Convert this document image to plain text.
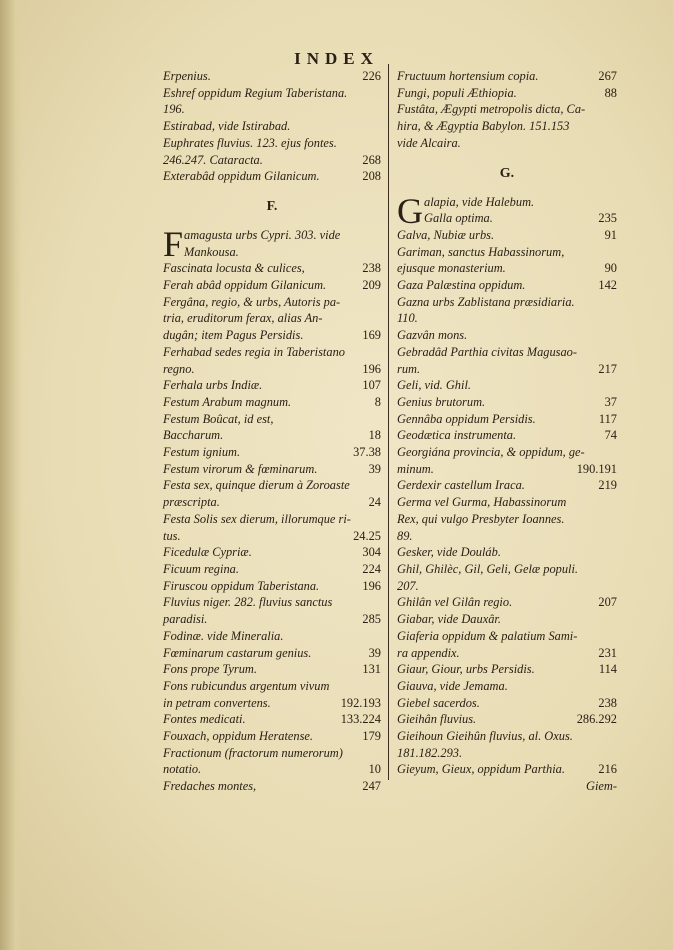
INDEX
Erpenius.	226
Eshref oppidum Regium Taberistana.
196.
Estirabad, vide Istirabad.
Euphrates fluvius. 123. ejus fontes.
246.247. Cataracta.	268
Exterabâd oppidum Gilanicum.	208
F.
Famagusta urbs Cypri. 303. vide
Mankousa.
Fascinata locusta & culices,	238
Ferah abâd oppidum Gilanicum.	209
Fergâna, regio, & urbs, Autoris pa-
tria, eruditorum ferax, alias An-
dugân; item Pagus Persidis.	169
Ferhabad sedes regia in Taberistano
regno.	196
Ferhala urbs Indiæ.	107
Festum Arabum magnum.	8
Festum Boûcat, id est, Baccharum.	18
Festum ignium.	37.38
Festum virorum & fœminarum.	39
Festa sex, quinque dierum à Zoroaste
præscripta.	24
Festa Solis sex dierum, illorumque ri-
tus.	24.25
Ficedulæ Cypriæ.	304
Ficuum regina.	224
Firuscou oppidum Taberistana.	196
Fluvius niger. 282. fluvius sanctus
paradisi.	285
Fodinæ. vide Mineralia.
Fœminarum castarum genius.	39
Fons prope Tyrum.	131
Fons rubicundus argentum vivum
in petram convertens.	192.193
Fontes medicati.	133.224
Fouxach, oppidum Heratense.	179
Fractionum (fractorum numerorum)
notatio.	10
Fredaches montes,	247
Fructuum hortensium copia.	267
Fungi, populi Æthiopia.	88
Fustâta, Ægypti metropolis dicta, Ca-
hira, & Ægyptia Babylon. 151.153
vide Alcaira.
G.
Galapia, vide Halebum.
Galla optima.	235
Galva, Nubiæ urbs.	91
Gariman, sanctus Habassinorum,
ejusque monasterium.	90
Gaza Palæstina oppidum.	142
Gazna urbs Zablistana præsidiaria.
110.
Gazvân mons.
Gebradâd Parthia civitas Magusao-
rum.	217
Geli, vid. Ghil.
Genius brutorum.	37
Gennâba oppidum Persidis.	117
Geodætica instrumenta.	74
Georgiána provincia, & oppidum, ge-
minum.	190.191
Gerdexir castellum Iraca.	219
Germa vel Gurma, Habassinorum
Rex, qui vulgo Presbyter Ioannes.
89.
Gesker, vide Douláb.
Ghil, Ghilèc, Gil, Geli, Gelæ populi.
207.
Ghilân vel Gilân regio.	207
Giabar, vide Dauxâr.
Giaferia oppidum & palatium Sami-
ra appendix.	231
Giaur, Giour, urbs Persidis.	114
Giauva, vide Jemama.
Giebel sacerdos.	238
Gieihân fluvius.	286.292
Gieihoun Gieihûn fluvius, al. Oxus.
181.182.293.
Gieyum, Gieux, oppidum Parthia.	216
Giem-
